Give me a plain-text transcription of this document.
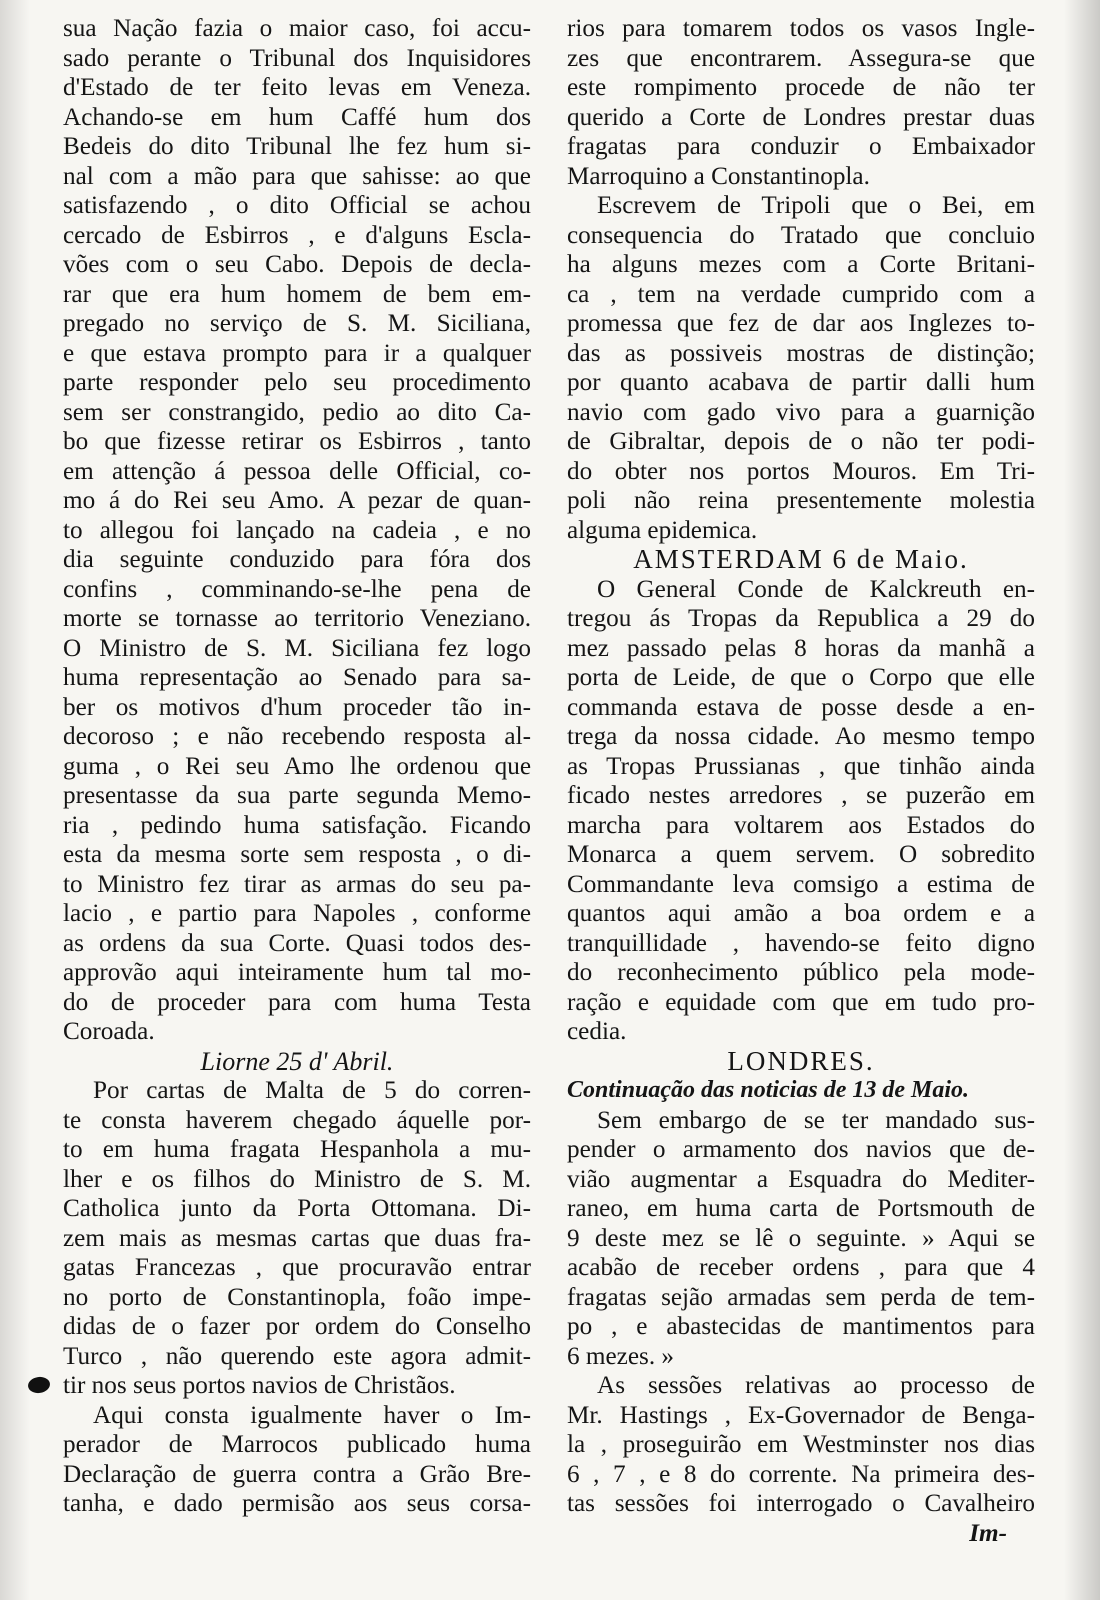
sua Nação fazia o maior caso, foi accu-
sado perante o Tribunal dos Inquisidores
d'Estado de ter feito levas em Veneza.
Achando-se em hum Caffé hum dos
Bedeis do dito Tribunal lhe fez hum si-
nal com a mão para que sahisse: ao que
satisfazendo , o dito Official se achou
cercado de Esbirros , e d'alguns Escla-
vões com o seu Cabo. Depois de decla-
rar que era hum homem de bem em-
pregado no serviço de S. M. Siciliana,
e que estava prompto para ir a qualquer
parte responder pelo seu procedimento
sem ser constrangido, pedio ao dito Ca-
bo que fizesse retirar os Esbirros , tanto
em attenção á pessoa delle Official, co-
mo á do Rei seu Amo. A pezar de quan-
to allegou foi lançado na cadeia , e no
dia seguinte conduzido para fóra dos
confins , comminando-se-lhe pena de
morte se tornasse ao territorio Veneziano.
O Ministro de S. M. Siciliana fez logo
huma representação ao Senado para sa-
ber os motivos d'hum proceder tão in-
decoroso ; e não recebendo resposta al-
guma , o Rei seu Amo lhe ordenou que
presentasse da sua parte segunda Memo-
ria , pedindo huma satisfação. Ficando
esta da mesma sorte sem resposta , o di-
to Ministro fez tirar as armas do seu pa-
lacio , e partio para Napoles , conforme
as ordens da sua Corte. Quasi todos des-
approvão aqui inteiramente hum tal mo-
do de proceder para com huma Testa
Coroada.
Liorne 25 d' Abril.
Por cartas de Malta de 5 do corren-
te consta haverem chegado áquelle por-
to em huma fragata Hespanhola a mu-
lher e os filhos do Ministro de S. M.
Catholica junto da Porta Ottomana. Di-
zem mais as mesmas cartas que duas fra-
gatas Francezas , que procuravão entrar
no porto de Constantinopla, foão impe-
didas de o fazer por ordem do Conselho
Turco , não querendo este agora admit-
tir nos seus portos navios de Christãos.
Aqui consta igualmente haver o Im-
perador de Marrocos publicado huma
Declaração de guerra contra a Grão Bre-
tanha, e dado permisão aos seus corsa-
rios para tomarem todos os vasos Ingle-
zes que encontrarem. Assegura-se que
este rompimento procede de não ter
querido a Corte de Londres prestar duas
fragatas para conduzir o Embaixador
Marroquino a Constantinopla.
Escrevem de Tripoli que o Bei, em
consequencia do Tratado que concluio
ha alguns mezes com a Corte Britani-
ca , tem na verdade cumprido com a
promessa que fez de dar aos Inglezes to-
das as possiveis mostras de distinção;
por quanto acabava de partir dalli hum
navio com gado vivo para a guarnição
de Gibraltar, depois de o não ter podi-
do obter nos portos Mouros. Em Tri-
poli não reina presentemente molestia
alguma epidemica.
AMSTERDAM 6 de Maio.
O General Conde de Kalckreuth en-
tregou ás Tropas da Republica a 29 do
mez passado pelas 8 horas da manhã a
porta de Leide, de que o Corpo que elle
commanda estava de posse desde a en-
trega da nossa cidade. Ao mesmo tempo
as Tropas Prussianas , que tinhão ainda
ficado nestes arredores , se puzerão em
marcha para voltarem aos Estados do
Monarca a quem servem. O sobredito
Commandante leva comsigo a estima de
quantos aqui amão a boa ordem e a
tranquillidade , havendo-se feito digno
do reconhecimento público pela mode-
ração e equidade com que em tudo pro-
cedia.
LONDRES.
Continuação das noticias de 13 de Maio.
Sem embargo de se ter mandado sus-
pender o armamento dos navios que de-
vião augmentar a Esquadra do Mediter-
raneo, em huma carta de Portsmouth de
9 deste mez se lê o seguinte. » Aqui se
acabão de receber ordens , para que 4
fragatas sejão armadas sem perda de tem-
po , e abastecidas de mantimentos para
6 mezes. »
As sessões relativas ao processo de
Mr. Hastings , Ex-Governador de Benga-
la , proseguirão em Westminster nos dias
6 , 7 , e 8 do corrente. Na primeira des-
tas sessões foi interrogado o Cavalheiro
Im-
